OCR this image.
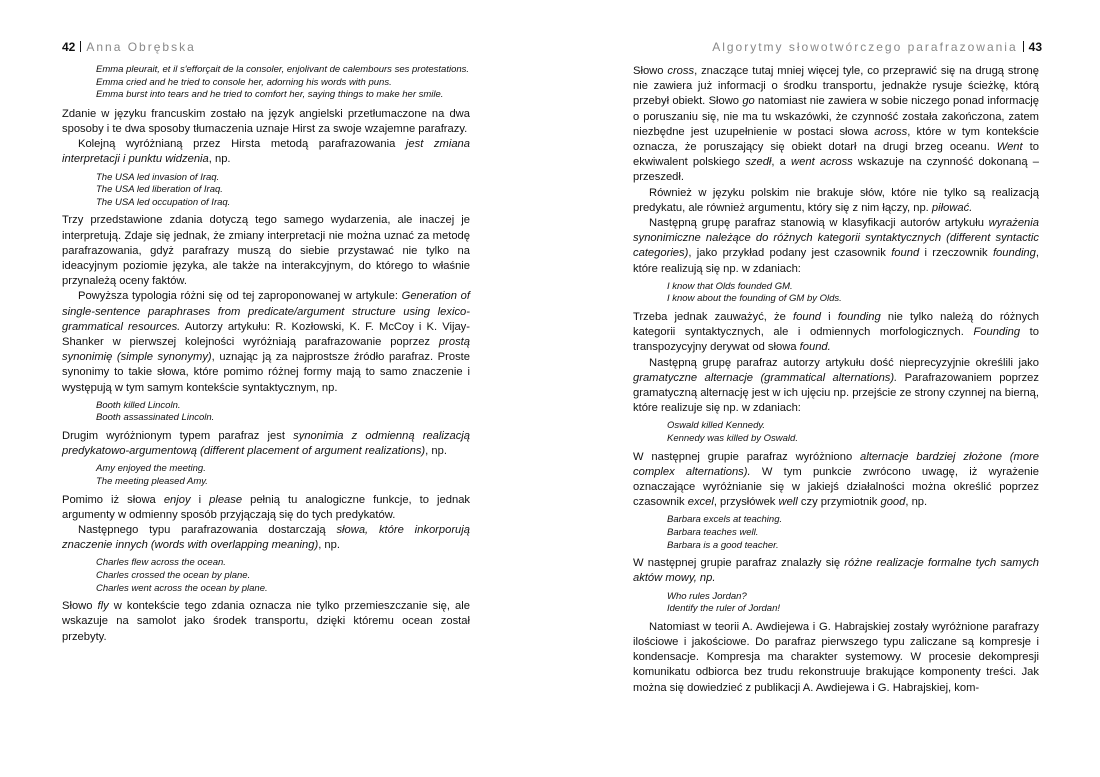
42 Anna Obrębska
Emma pleurait, et il s'efforçait de la consoler, enjolivant de calembours ses protestations.
Emma cried and he tried to console her, adorning his words with puns.
Emma burst into tears and he tried to comfort her, saying things to make her smile.

Zdanie w języku francuskim zostało na język angielski przetłumaczone na dwa sposoby i te dwa sposoby tłumaczenia uznaje Hirst za swoje wzajemne parafrazy.

Kolejną wyróżnianą przez Hirsta metodą parafrazowania jest zmiana interpretacji i punktu widzenia, np.

The USA led invasion of Iraq.
The USA led liberation of Iraq.
The USA led occupation of Iraq.

Trzy przedstawione zdania dotyczą tego samego wydarzenia, ale inaczej je interpretują. Zdaje się jednak, że zmiany interpretacji nie można uznać za metodę parafrazowania, gdyż parafrazy muszą do siebie przystawać nie tylko na ideacyjnym poziomie języka, ale także na interakcyjnym, do którego to właśnie przynależą oceny faktów.

Powyższa typologia różni się od tej zaproponowanej w artykule: Generation of single-sentence paraphrases from predicate/argument structure using lexico-grammatical resources. Autorzy artykułu: R. Kozłowski, K. F. McCoy i K. Vijay-Shanker w pierwszej kolejności wyróżniają parafrazowanie poprzez prostą synonimię (simple synonymy), uznając ją za najprostsze źródło parafraz. Proste synonimy to takie słowa, które pomimo różnej formy mają to samo znaczenie i występują w tym samym kontekście syntaktycznym, np.

Booth killed Lincoln.
Booth assassinated Lincoln.

Drugim wyróżnionym typem parafraz jest synonimia z odmienną realizacją predykatowo-argumentową (different placement of argument realizations), np.

Amy enjoyed the meeting.
The meeting pleased Amy.

Pomimo iż słowa enjoy i please pełnią tu analogiczne funkcje, to jednak argumenty w odmienny sposób przyjączają się do tych predykatów.

Następnego typu parafrazowania dostarczają słowa, które inkorporują znaczenie innych (words with overlapping meaning), np.

Charles flew across the ocean.
Charles crossed the ocean by plane.
Charles went across the ocean by plane.

Słowo fly w kontekście tego zdania oznacza nie tylko przemieszczanie się, ale wskazuje na samolot jako środek transportu, dzięki któremu ocean został przebyty.

Algorytmy słowotwórczego parafrazowania 43

Słowo cross, znaczące tutaj mniej więcej tyle, co przeprawić się na drugą stronę nie zawiera już informacji o środku transportu, jednakże rysuje ścieżkę, którą przebył obiekt. Słowo go natomiast nie zawiera w sobie niczego ponad informację o poruszaniu się, nie ma tu wskazówki, że czynność została zakończona, zatem niezbędne jest uzupełnienie w postaci słowa across, które w tym kontekście oznacza, że poruszający się obiekt dotarł na drugi brzeg oceanu. Went to ekwiwalent polskiego szedł, a went across wskazuje na czynność dokonaną – przeszedł.

Również w języku polskim nie brakuje słów, które nie tylko są realizacją predykatu, ale również argumentu, który się z nim łączy, np. piłować.

Następną grupę parafraz stanowią w klasyfikacji autorów artykułu wyrażenia synonimiczne należące do różnych kategorii syntaktycznych (different syntactic categories), jako przykład podany jest czasownik found i rzeczownik founding, które realizują się np. w zdaniach:

I know that Olds founded GM.
I know about the founding of GM by Olds.

Trzeba jednak zauważyć, że found i founding nie tylko należą do różnych kategorii syntaktycznych, ale i odmiennych morfologicznych. Founding to transpozycyjny derywat od słowa found.

Następną grupę parafraz autorzy artykułu dość nieprecyzyjnie określili jako gramatyczne alternacje (grammatical alternations). Parafrazowaniem poprzez gramatyczną alternację jest w ich ujęciu np. przejście ze strony czynnej na bierną, które realizuje się np. w zdaniach:

Oswald killed Kennedy.
Kennedy was killed by Oswald.

W następnej grupie parafraz wyróżniono alternacje bardziej złożone (more complex alternations). W tym punkcie zwrócono uwagę, iż wyrażenie oznaczające wyróżnianie się w jakiejś działalności można określić poprzez czasownik excel, przysłówek well czy przymiotnik good, np.

Barbara excels at teaching.
Barbara teaches well.
Barbara is a good teacher.

W następnej grupie parafraz znalazły się różne realizacje formalne tych samych aktów mowy, np.

Who rules Jordan?
Identify the ruler of Jordan!

Natomiast w teorii A. Awdiejewa i G. Habrajskiej zostały wyróżnione parafrazy ilościowe i jakościowe. Do parafraz pierwszego typu zaliczane są kompresje i kondensacje. Kompresja ma charakter systemowy. W procesie dekompresji komunikatu odbiorca bez trudu rekonstruuje brakujące komponenty treści. Jak można się dowiedzieć z publikacji A. Awdiejewa i G. Habrajskiej, kom-
